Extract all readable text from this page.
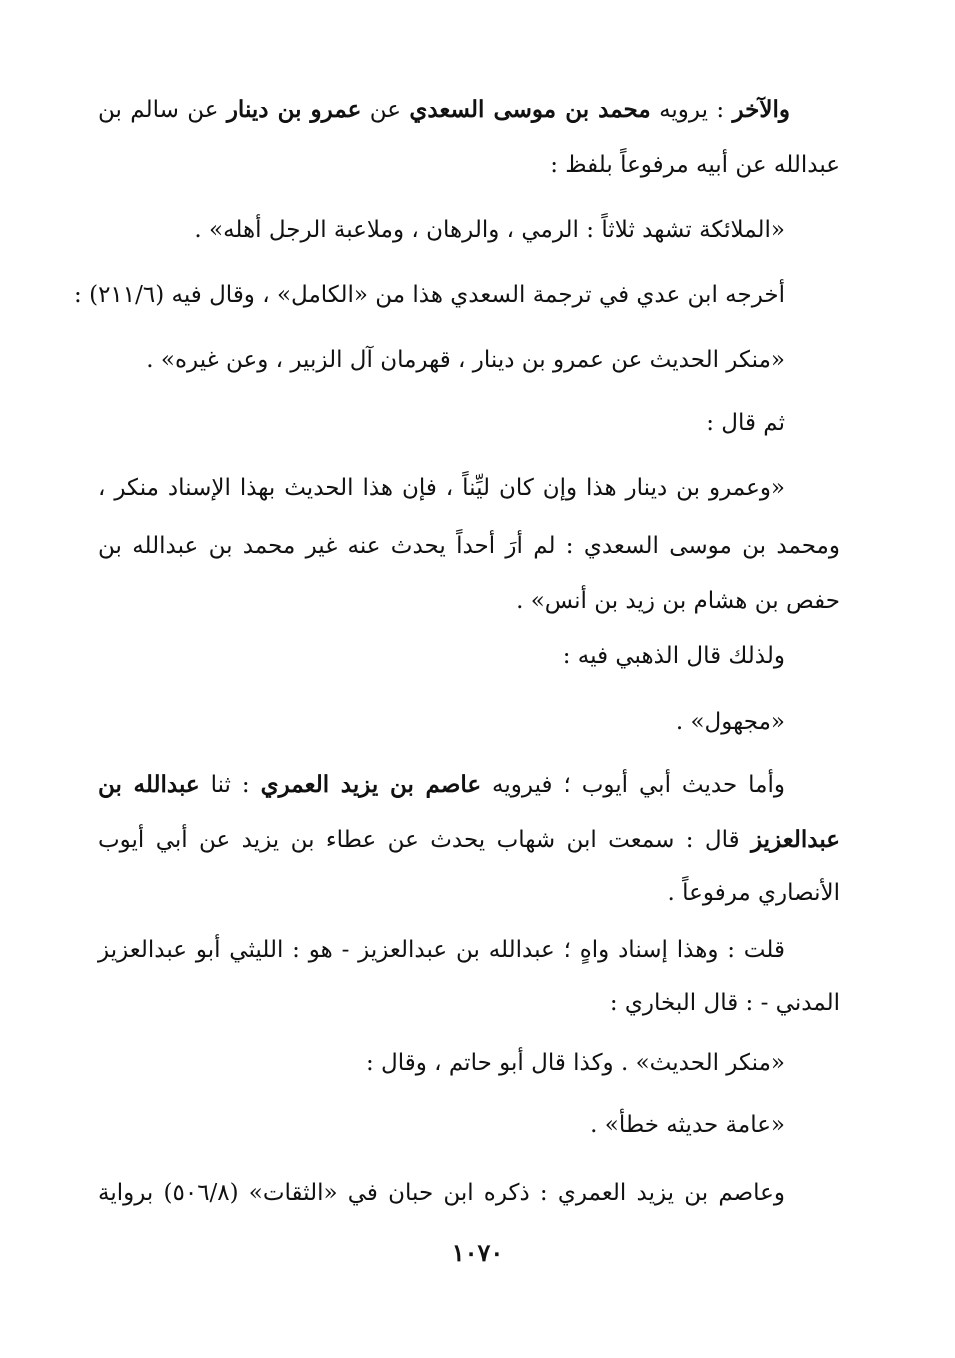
والآخر : يرويه محمد بن موسى السعدي عن عمرو بن دينار عن سالم بن
عبدالله عن أبيه مرفوعاً بلفظ :
«الملائكة تشهد ثلاثاً : الرمي ، والرهان ، وملاعبة الرجل أهله» .
أخرجه ابن عدي في ترجمة السعدي هذا من «الكامل» ، وقال فيه (٢١١/٦) :
«منكر الحديث عن عمرو بن دينار ، قهرمان آل الزبير ، وعن غيره» .
ثم قال :
«وعمرو بن دينار هذا وإن كان ليِّناً ، فإن هذا الحديث بهذا الإسناد منكر ،
ومحمد بن موسى السعدي : لم أرَ أحداً يحدث عنه غير محمد بن عبدالله بن
حفص بن هشام بن زيد بن أنس» .
ولذلك قال الذهبي فيه :
«مجهول» .
وأما حديث أبي أيوب ؛ فيرويه عاصم بن يزيد العمري : ثنا عبدالله بن
عبدالعزيز قال : سمعت ابن شهاب يحدث عن عطاء بن يزيد عن أبي أيوب
الأنصاري مرفوعاً .
قلت : وهذا إسناد واهٍ ؛ عبدالله بن عبدالعزيز - هو : الليثي أبو عبدالعزيز
المدني - : قال البخاري :
«منكر الحديث» . وكذا قال أبو حاتم ، وقال :
«عامة حديثه خطأ» .
وعاصم بن يزيد العمري : ذكره ابن حبان في «الثقات» (٥٠٦/٨) برواية
١٠٧٠
